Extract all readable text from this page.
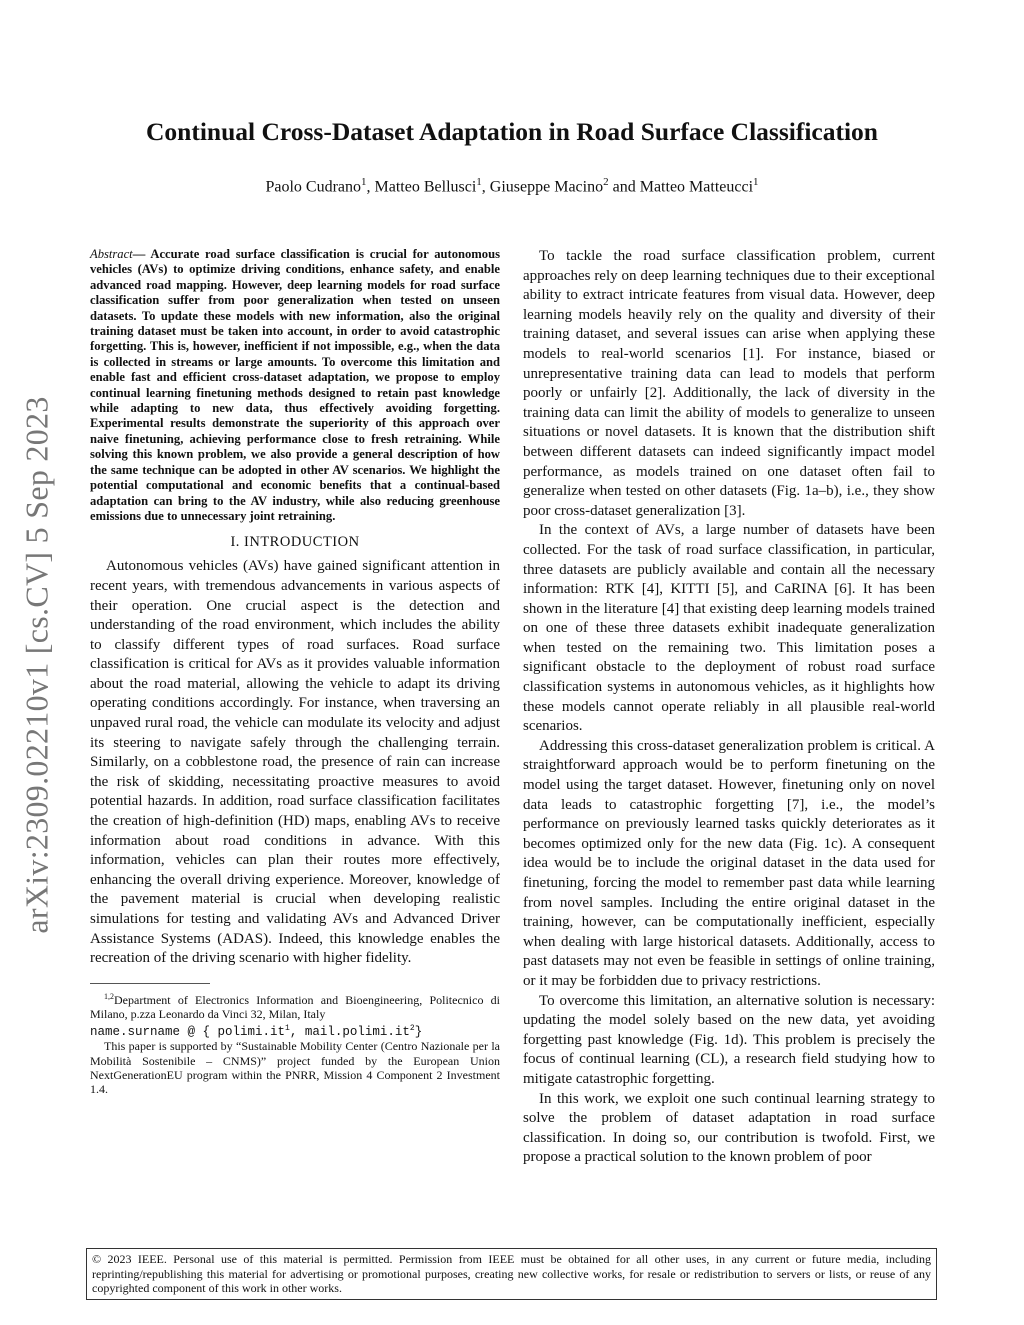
arXiv:2309.02210v1 [cs.CV] 5 Sep 2023
Continual Cross-Dataset Adaptation in Road Surface Classification
Paolo Cudrano$^1$, Matteo Bellusci$^1$, Giuseppe Macino$^2$ and Matteo Matteucci$^1$

Abstract— Accurate road surface classification is crucial for autonomous vehicles (AVs) to optimize driving conditions, enhance safety, and enable advanced road mapping. However, deep learning models for road surface classification suffer from poor generalization when tested on unseen datasets. To update these models with new information, also the original training dataset must be taken into account, in order to avoid catastrophic forgetting. This is, however, inefficient if not impossible, e.g., when the data is collected in streams or large amounts. To overcome this limitation and enable fast and efficient cross-dataset adaptation, we propose to employ continual learning finetuning methods designed to retain past knowledge while adapting to new data, thus effectively avoiding forgetting. Experimental results demonstrate the superiority of this approach over naive finetuning, achieving performance close to fresh retraining. While solving this known problem, we also provide a general description of how the same technique can be adopted in other AV scenarios. We highlight the potential computational and economic benefits that a continual-based adaptation can bring to the AV industry, while also reducing greenhouse emissions due to unnecessary joint retraining.

I. INTRODUCTION

Autonomous vehicles (AVs) have gained significant attention in recent years, with tremendous advancements in various aspects of their operation. One crucial aspect is the detection and understanding of the road environment, which includes the ability to classify different types of road surfaces. Road surface classification is critical for AVs as it provides valuable information about the road material, allowing the vehicle to adapt its driving operating conditions accordingly. For instance, when traversing an unpaved rural road, the vehicle can modulate its velocity and adjust its steering to navigate safely through the challenging terrain. Similarly, on a cobblestone road, the presence of rain can increase the risk of skidding, necessitating proactive measures to avoid potential hazards. In addition, road surface classification facilitates the creation of high-definition (HD) maps, enabling AVs to receive information about road conditions in advance. With this information, vehicles can plan their routes more effectively, enhancing the overall driving experience. Moreover, knowledge of the pavement material is crucial when developing realistic simulations for testing and validating AVs and Advanced Driver Assistance Systems (ADAS). Indeed, this knowledge enables the recreation of the driving scenario with higher fidelity.

$^{1,2}$Department of Electronics Information and Bioengineering, Politecnico di Milano, p.zza Leonardo da Vinci 32, Milan, Italy
name.surname @ { $polimi.it^1$, $mail.polimi.it^2$}

This paper is supported by “Sustainable Mobility Center (Centro Nazionale per la Mobilità Sostenibile – CNMS)” project funded by the European Union NextGenerationEU program within the PNRR, Mission 4 Component 2 Investment 1.4.

To tackle the road surface classification problem, current approaches rely on deep learning techniques due to their exceptional ability to extract intricate features from visual data. However, deep learning models heavily rely on the quality and diversity of their training dataset, and several issues can arise when applying these models to real-world scenarios [1]. For instance, biased or unrepresentative training data can lead to models that perform poorly or unfairly [2]. Additionally, the lack of diversity in the training data can limit the ability of models to generalize to unseen situations or novel datasets. It is known that the distribution shift between different datasets can indeed significantly impact model performance, as models trained on one dataset often fail to generalize when tested on other datasets (Fig. 1a–b), i.e., they show poor cross-dataset generalization [3].

In the context of AVs, a large number of datasets have been collected. For the task of road surface classification, in particular, three datasets are publicly available and contain all the necessary information: RTK [4], KITTI [5], and CaRINA [6]. It has been shown in the literature [4] that existing deep learning models trained on one of these three datasets exhibit inadequate generalization when tested on the remaining two. This limitation poses a significant obstacle to the deployment of robust road surface classification systems in autonomous vehicles, as it highlights how these models cannot operate reliably in all plausible real-world scenarios.

Addressing this cross-dataset generalization problem is critical. A straightforward approach would be to perform finetuning on the model using the target dataset. However, finetuning only on novel data leads to catastrophic forgetting [7], i.e., the model’s performance on previously learned tasks quickly deteriorates as it becomes optimized only for the new data (Fig. 1c). A consequent idea would be to include the original dataset in the data used for finetuning, forcing the model to remember past data while learning from novel samples. Including the entire original dataset in the training, however, can be computationally inefficient, especially when dealing with large historical datasets. Additionally, access to past datasets may not even be feasible in settings of online training, or it may be forbidden due to privacy restrictions.

To overcome this limitation, an alternative solution is necessary: updating the model solely based on the new data, yet avoiding forgetting past knowledge (Fig. 1d). This problem is precisely the focus of continual learning (CL), a research field studying how to mitigate catastrophic forgetting.

In this work, we exploit one such continual learning strategy to solve the problem of dataset adaptation in road surface classification. In doing so, our contribution is twofold. First, we propose a practical solution to the known problem of poor

© 2023 IEEE. Personal use of this material is permitted. Permission from IEEE must be obtained for all other uses, in any current or future media, including reprinting/republishing this material for advertising or promotional purposes, creating new collective works, for resale or redistribution to servers or lists, or reuse of any copyrighted component of this work in other works.
